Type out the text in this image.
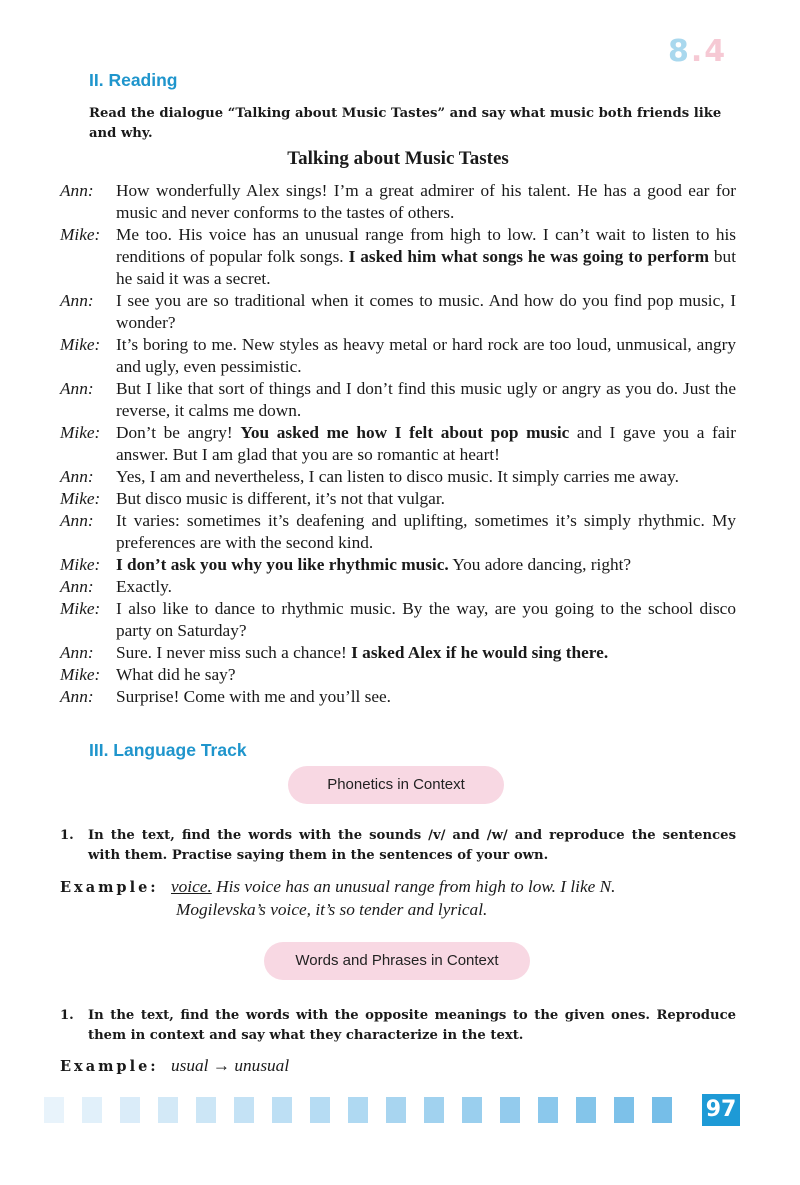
8.4
II. Reading
Read the dialogue “Talking about Music Tastes” and say what music both friends like and why.
Talking about Music Tastes
Ann:	How wonderfully Alex sings! I’m a great admirer of his talent. He has a good ear for music and never conforms to the tastes of others.
Mike: Me too. His voice has an unusual range from high to low. I can’t wait to listen to his renditions of popular folk songs. I asked him what songs he was going to perform but he said it was a secret.
Ann:	I see you are so traditional when it comes to music. And how do you find pop music, I wonder?
Mike: It’s boring to me. New styles as heavy metal or hard rock are too loud, unmusical, angry and ugly, even pessimistic.
Ann:	But I like that sort of things and I don’t find this music ugly or angry as you do. Just the reverse, it calms me down.
Mike: Don’t be angry! You asked me how I felt about pop music and I gave you a fair answer. But I am glad that you are so romantic at heart!
Ann:	Yes, I am and nevertheless, I can listen to disco music. It simply carries me away.
Mike: But disco music is different, it’s not that vulgar.
Ann:	It varies: sometimes it’s deafening and uplifting, sometimes it’s simply rhythmic. My preferences are with the second kind.
Mike: I don’t ask you why you like rhythmic music. You adore dancing, right?
Ann:	Exactly.
Mike: I also like to dance to rhythmic music. By the way, are you going to the school disco party on Saturday?
Ann:	Sure. I never miss such a chance! I asked Alex if he would sing there.
Mike: What did he say?
Ann:	Surprise! Come with me and you’ll see.
III. Language Track
Phonetics in Context
1.	In the text, find the words with the sounds /v/ and /w/ and reproduce the sentences with them. Practise saying them in the sentences of your own.
Example: voice. His voice has an unusual range from high to low. I like N.
Mogilevska’s voice, it’s so tender and lyrical.
Words and Phrases in Context
1.	In the text, find the words with the opposite meanings to the given ones. Reproduce them in context and say what they characterize in the text.
Example: usual → unusual
97
